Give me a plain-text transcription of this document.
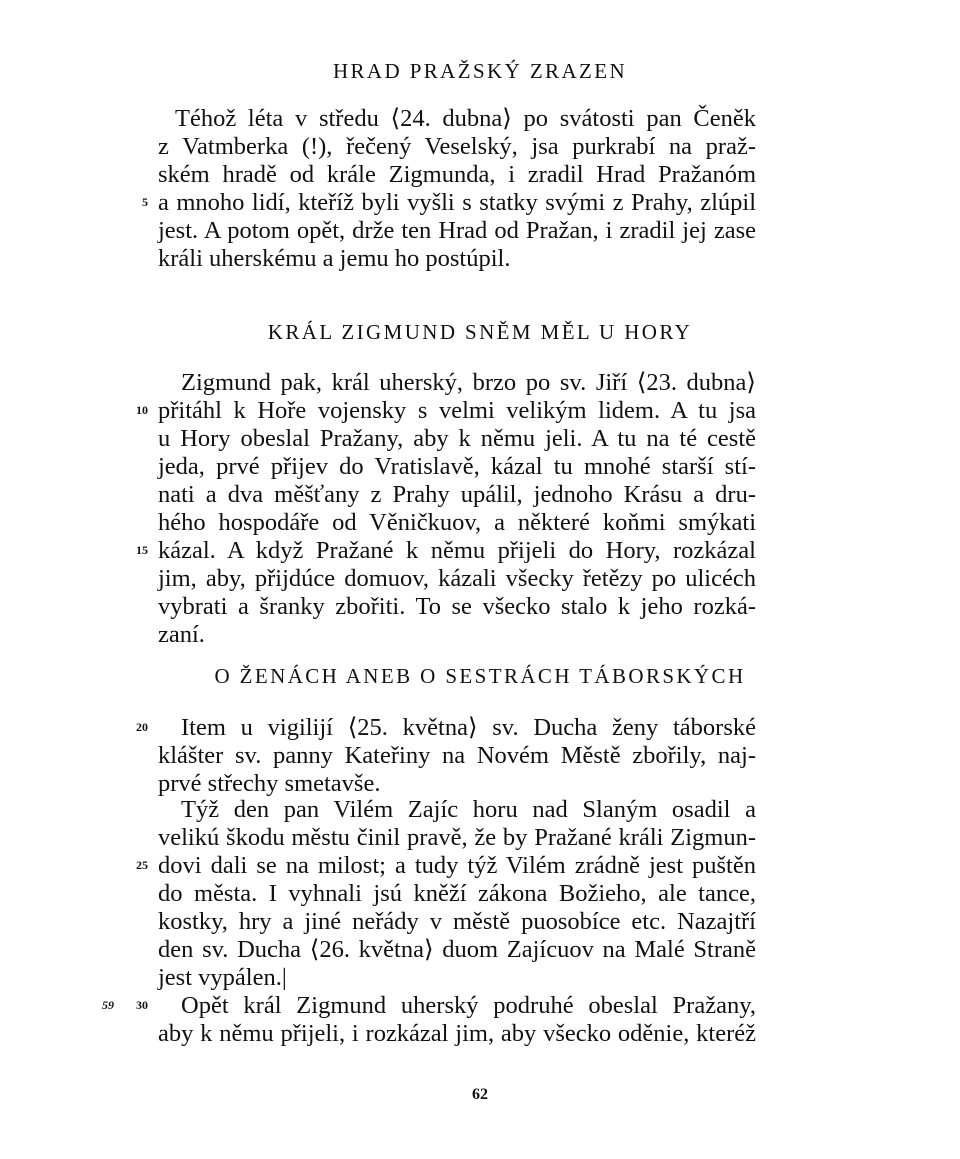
HRAD PRAŽSKÝ ZRAZEN
Téhož léta v středu ⟨24. dubna⟩ po svátosti pan Čeněk
z Vatmberka (!), řečený Veselský, jsa purkrabí na praž-
ském hradě od krále Zigmunda, i zradil Hrad Pražanóm
a mnoho lidí, kteříž byli vyšli s statky svými z Prahy, zlúpil
jest. A potom opět, drže ten Hrad od Pražan, i zradil jej zase
králi uherskému a jemu ho postúpil.
KRÁL ZIGMUND SNĚM MĚL U HORY
Zigmund pak, král uherský, brzo po sv. Jiří ⟨23. dubna⟩
přitáhl k Hoře vojensky s velmi velikým lidem. A tu jsa
u Hory obeslal Pražany, aby k němu jeli. A tu na té cestě
jeda, prvé přijev do Vratislavě, kázal tu mnohé starší stí-
nati a dva měšťany z Prahy upálil, jednoho Krásu a dru-
hého hospodáře od Věničkuov, a některé koňmi smýkati
kázal. A když Pražané k němu přijeli do Hory, rozkázal
jim, aby, přijdúce domuov, kázali všecky řetězy po ulicéch
vybrati a šranky zbořiti. To se všecko stalo k jeho rozká-
zaní.
O ŽENÁCH ANEB O SESTRÁCH TÁBORSKÝCH
Item u vigilijí ⟨25. května⟩ sv. Ducha ženy táborské
klášter sv. panny Kateřiny na Novém Městě zbořily, naj-
prvé střechy smetavše.
Týž den pan Vilém Zajíc horu nad Slaným osadil a
velikú škodu městu činil pravě, že by Pražané králi Zigmun-
dovi dali se na milost; a tudy týž Vilém zrádně jest puštěn
do města. I vyhnali jsú kněží zákona Božieho, ale tance,
kostky, hry a jiné neřády v městě puosobíce etc. Nazajtří
den sv. Ducha ⟨26. května⟩ duom Zajícuov na Malé Straně
jest vypálen.|
Opět král Zigmund uherský podruhé obeslal Pražany,
aby k němu přijeli, i rozkázal jim, aby všecko oděnie, kteréž
5
10
15
20
25
30
59
62
